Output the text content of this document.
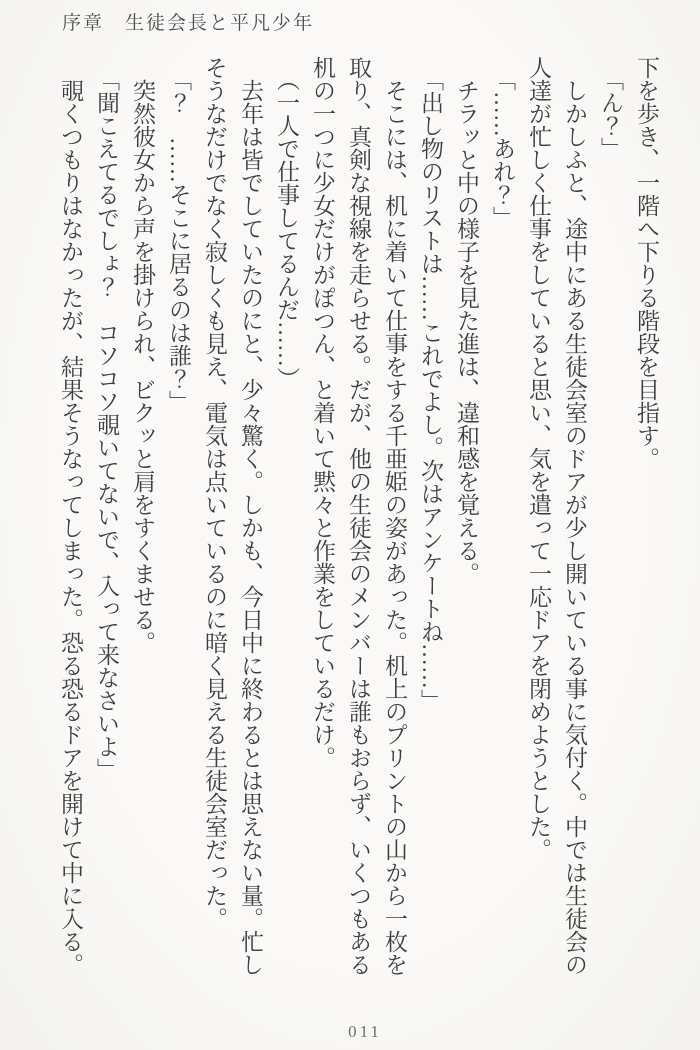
序章　生徒会長と平凡少年

下を歩き、一階へ下りる階段を目指す。

「ん？」

　しかしふと、途中にある生徒会室のドアが少し開いている事に気付く。中では生徒会の人達が忙しく仕事をしていると思い、気を遣って一応ドアを閉めようとした。

「……あれ？」

　チラッと中の様子を見た進は、違和感を覚える。

「出し物のリストは……これでよし。次はアンケートね……」

　そこには、机に着いて仕事をする千亜姫の姿があった。机上のプリントの山から一枚を取り、真剣な視線を走らせる。だが、他の生徒会のメンバーは誰もおらず、いくつもある机の一つに少女だけがぽつん、と着いて黙々と作業をしているだけ。

（一人で仕事してるんだ……）

　去年は皆でしていたのにと、少々驚く。しかも、今日中に終わるとは思えない量。忙しそうなだけでなく寂しくも見え、電気は点いているのに暗く見える生徒会室だった。

「？　……そこに居るのは誰？」

　突然彼女から声を掛けられ、ビクッと肩をすくませる。

「聞こえてるでしょ？　コソコソ覗いてないで、入って来なさいよ」

　覗くつもりはなかったが、結果そうなってしまった。恐る恐るドアを開けて中に入る。

011
